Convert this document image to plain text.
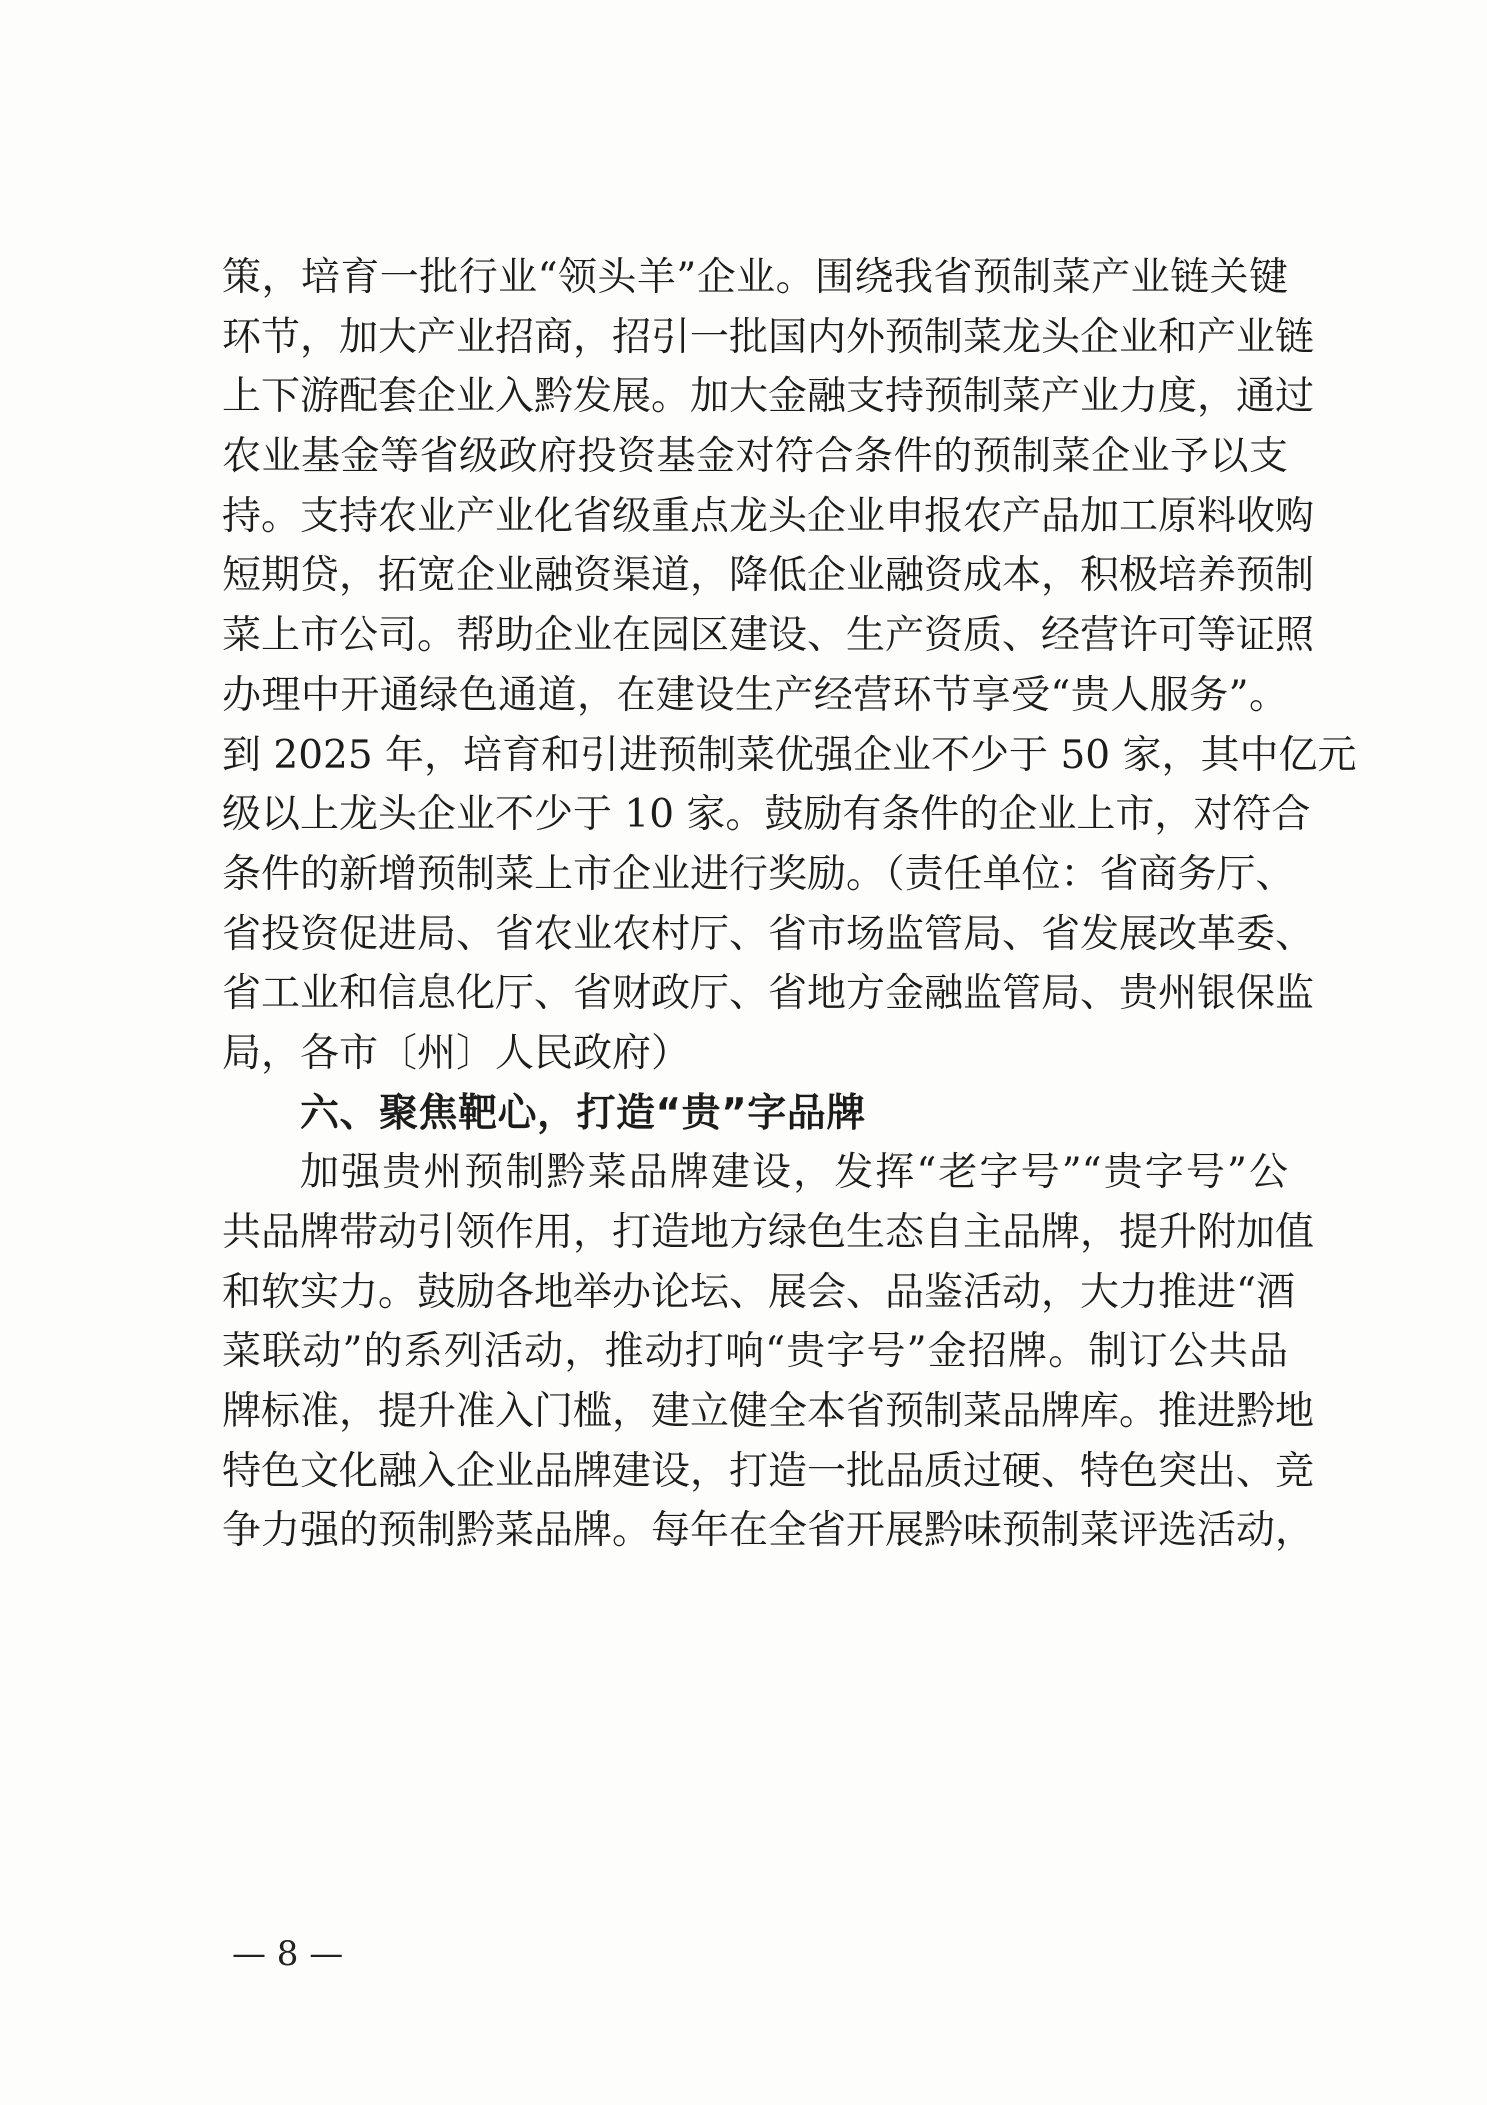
策，培育一批行业“领头羊”企业。围绕我省预制菜产业链关键
环节，加大产业招商，招引一批国内外预制菜龙头企业和产业链
上下游配套企业入黔发展。加大金融支持预制菜产业力度，通过
农业基金等省级政府投资基金对符合条件的预制菜企业予以支
持。支持农业产业化省级重点龙头企业申报农产品加工原料收购
短期贷，拓宽企业融资渠道，降低企业融资成本，积极培养预制
菜上市公司。帮助企业在园区建设、生产资质、经营许可等证照
办理中开通绿色通道，在建设生产经营环节享受“贵人服务”。
到 2025 年，培育和引进预制菜优强企业不少于 50 家，其中亿元
级以上龙头企业不少于 10 家。鼓励有条件的企业上市，对符合
条件的新增预制菜上市企业进行奖励。（责任单位：省商务厅、
省投资促进局、省农业农村厅、省市场监管局、省发展改革委、
省工业和信息化厅、省财政厅、省地方金融监管局、贵州银保监
局，各市〔州〕人民政府）
六、聚焦靶心，打造“贵”字品牌
加强贵州预制黔菜品牌建设，发挥“老字号”“贵字号”公
共品牌带动引领作用，打造地方绿色生态自主品牌，提升附加值
和软实力。鼓励各地举办论坛、展会、品鉴活动，大力推进“酒
菜联动”的系列活动，推动打响“贵字号”金招牌。制订公共品
牌标准，提升准入门槛，建立健全本省预制菜品牌库。推进黔地
特色文化融入企业品牌建设，打造一批品质过硬、特色突出、竞
争力强的预制黔菜品牌。每年在全省开展黔味预制菜评选活动，
— 8 —
